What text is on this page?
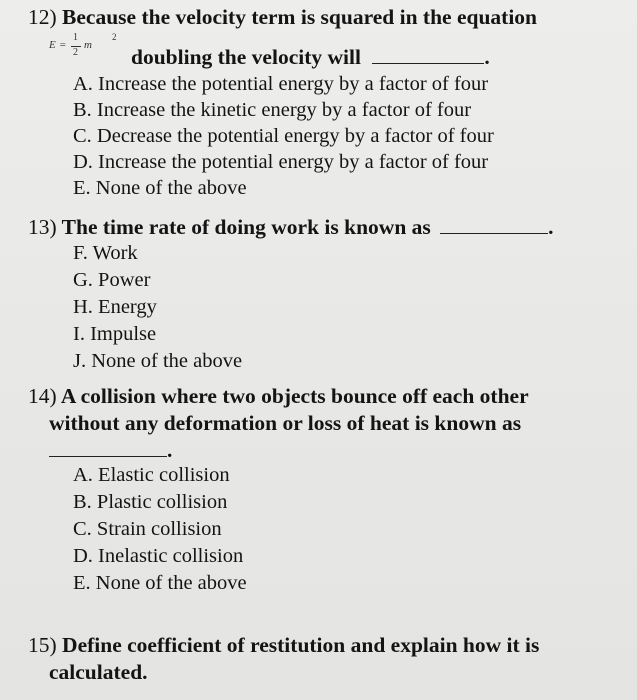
12) Because the velocity term is squared in the equation
E =
1
2
m
2
doubling the velocity will	.
A. Increase the potential energy by a factor of four
B. Increase the kinetic energy by a factor of four
C. Decrease the potential energy by a factor of four
D. Increase the potential energy by a factor of four
E. None of the above
13) The time rate of doing work is known as	.
F. Work
G. Power
H. Energy
I. Impulse
J. None of the above
14) A collision where two objects bounce off each other
without any deformation or loss of heat is known as
.
A. Elastic collision
B. Plastic collision
C. Strain collision
D. Inelastic collision
E. None of the above
15) Define coefficient of restitution and explain how it is
calculated.
